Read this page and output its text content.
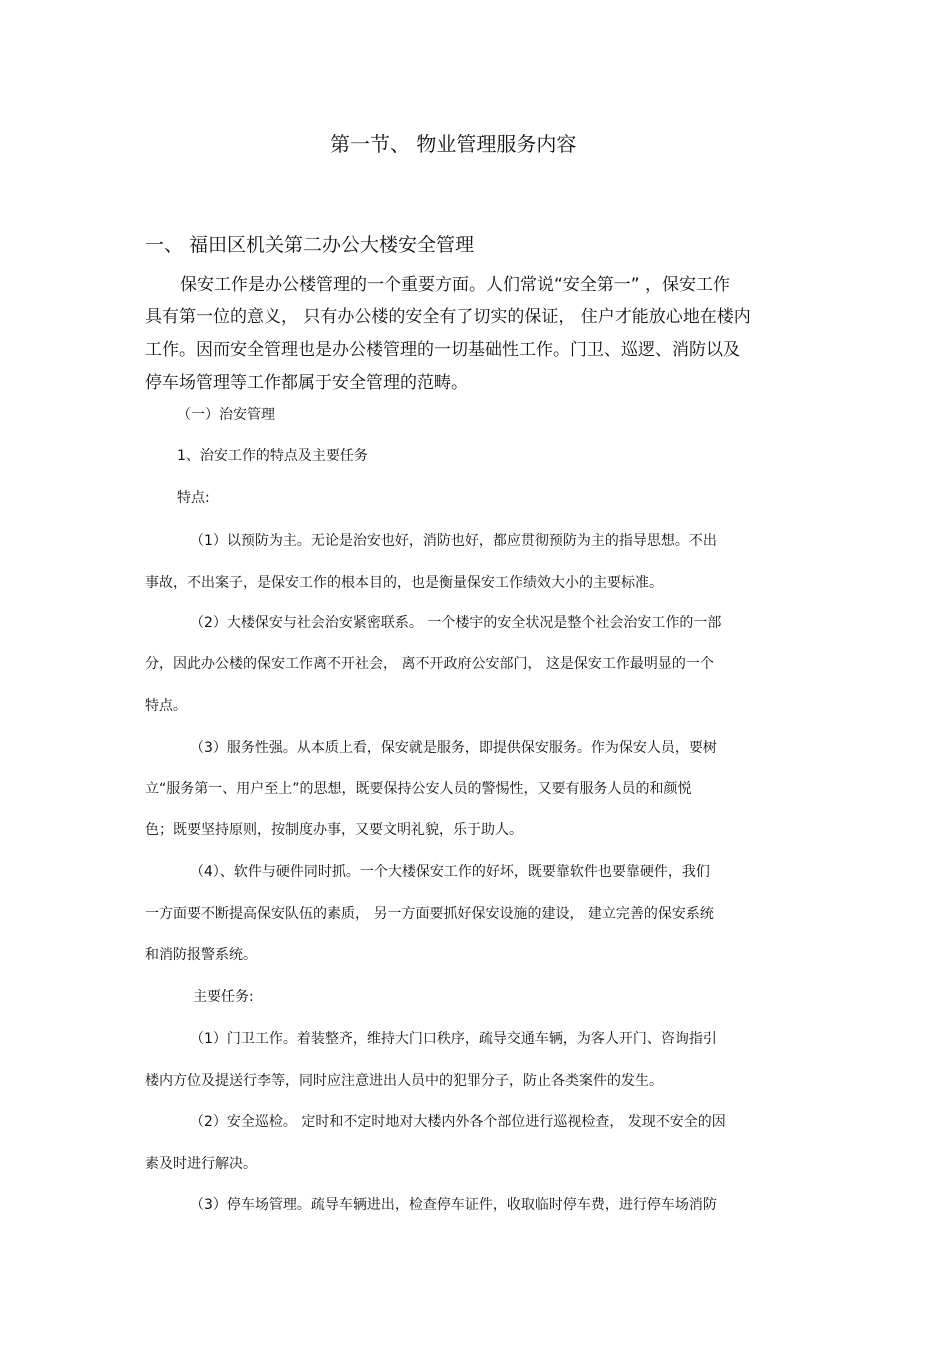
第一节、 物业管理服务内容
一、 福田区机关第二办公大楼安全管理
保安工作是办公楼管理的一个重要方面。人们常说“安全第一” ，保安工作
具有第一位的意义， 只有办公楼的安全有了切实的保证， 住户才能放心地在楼内
工作。因而安全管理也是办公楼管理的一切基础性工作。门卫、巡逻、消防以及
停车场管理等工作都属于安全管理的范畴。
（一）治安管理
1、治安工作的特点及主要任务
特点:
（1）以预防为主。无论是治安也好，消防也好，都应贯彻预防为主的指导思想。不出
事故，不出案子，是保安工作的根本目的，也是衡量保安工作绩效大小的主要标准。
（2）大楼保安与社会治安紧密联系。 一个楼宇的安全状况是整个社会治安工作的一部
分，因此办公楼的保安工作离不开社会， 离不开政府公安部门， 这是保安工作最明显的一个
特点。
（3）服务性强。从本质上看，保安就是服务，即提供保安服务。作为保安人员，要树
立“服务第一、用户至上”的思想，既要保持公安人员的警惕性，又要有服务人员的和颜悦
色；既要坚持原则，按制度办事，又要文明礼貌，乐于助人。
（4）、软件与硬件同时抓。一个大楼保安工作的好坏，既要靠软件也要靠硬件，我们
一方面要不断提高保安队伍的素质， 另一方面要抓好保安设施的建设， 建立完善的保安系统
和消防报警系统。
主要任务:
（1）门卫工作。着装整齐，维持大门口秩序，疏导交通车辆，为客人开门、咨询指引
楼内方位及提送行李等，同时应注意进出人员中的犯罪分子，防止各类案件的发生。
（2）安全巡检。 定时和不定时地对大楼内外各个部位进行巡视检查， 发现不安全的因
素及时进行解决。
（3）停车场管理。疏导车辆进出，检查停车证件，收取临时停车费，进行停车场消防
